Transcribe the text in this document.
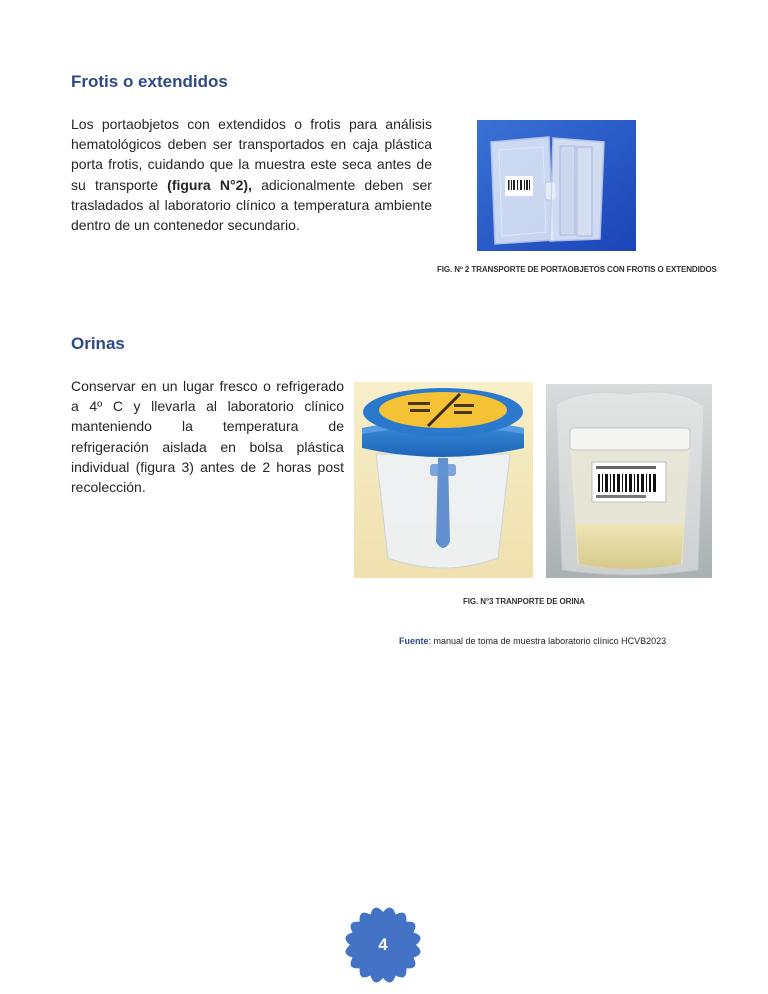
Frotis o extendidos

Los portaobjetos con extendidos o frotis para análisis hematológicos deben ser transportados en caja plástica porta frotis, cuidando que la muestra este seca antes de su transporte (figura N°2), adicionalmente deben ser trasladados al laboratorio clínico a temperatura ambiente dentro de un contenedor secundario.

FIG. Nº 2 TRANSPORTE DE PORTAOBJETOS CON FROTIS O EXTENDIDOS

Orinas

Conservar en un lugar fresco o refrigerado a 4º C y llevarla al laboratorio clínico manteniendo la temperatura de refrigeración aislada en bolsa plástica individual (figura 3) antes de 2 horas post recolección.

FIG. N°3 TRANPORTE DE ORINA

Fuente: manual de toma de muestra laboratorio clínico HCVB2023

4
